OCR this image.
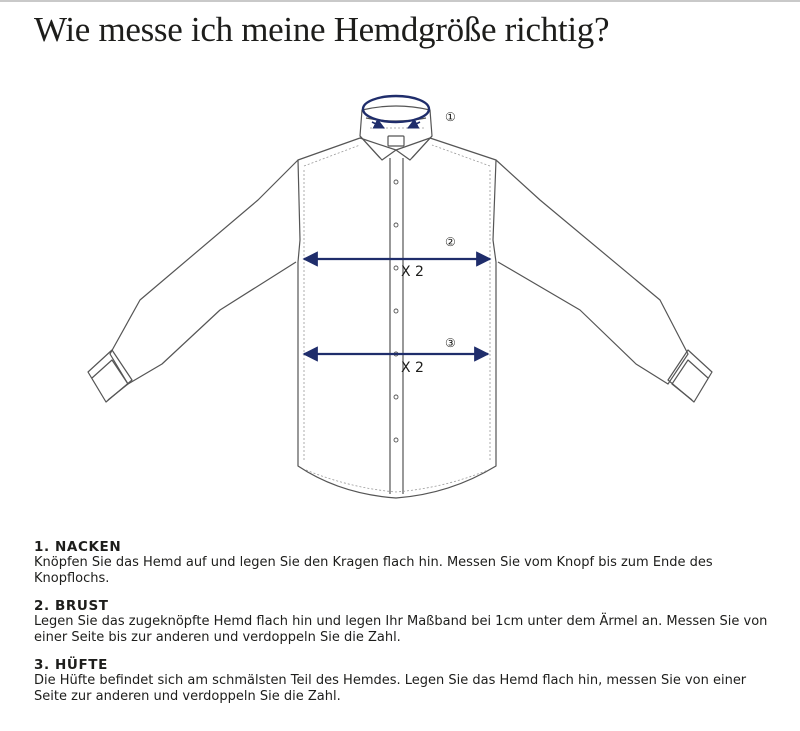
Wie messe ich meine Hemdgröße richtig?
X 2
X 2
①
②
③
1. NACKEN
Knöpfen Sie das Hemd auf und legen Sie den Kragen flach hin. Messen Sie vom Knopf bis zum Ende des Knopflochs.
2. BRUST
Legen Sie das zugeknöpfte Hemd flach hin und legen Ihr Maßband bei 1cm unter dem Ärmel an. Messen Sie von einer Seite bis zur anderen und verdoppeln Sie die Zahl.
3. HÜFTE
Die Hüfte befindet sich am schmälsten Teil des Hemdes. Legen Sie das Hemd flach hin, messen Sie von einer Seite zur anderen und verdoppeln Sie die Zahl.
